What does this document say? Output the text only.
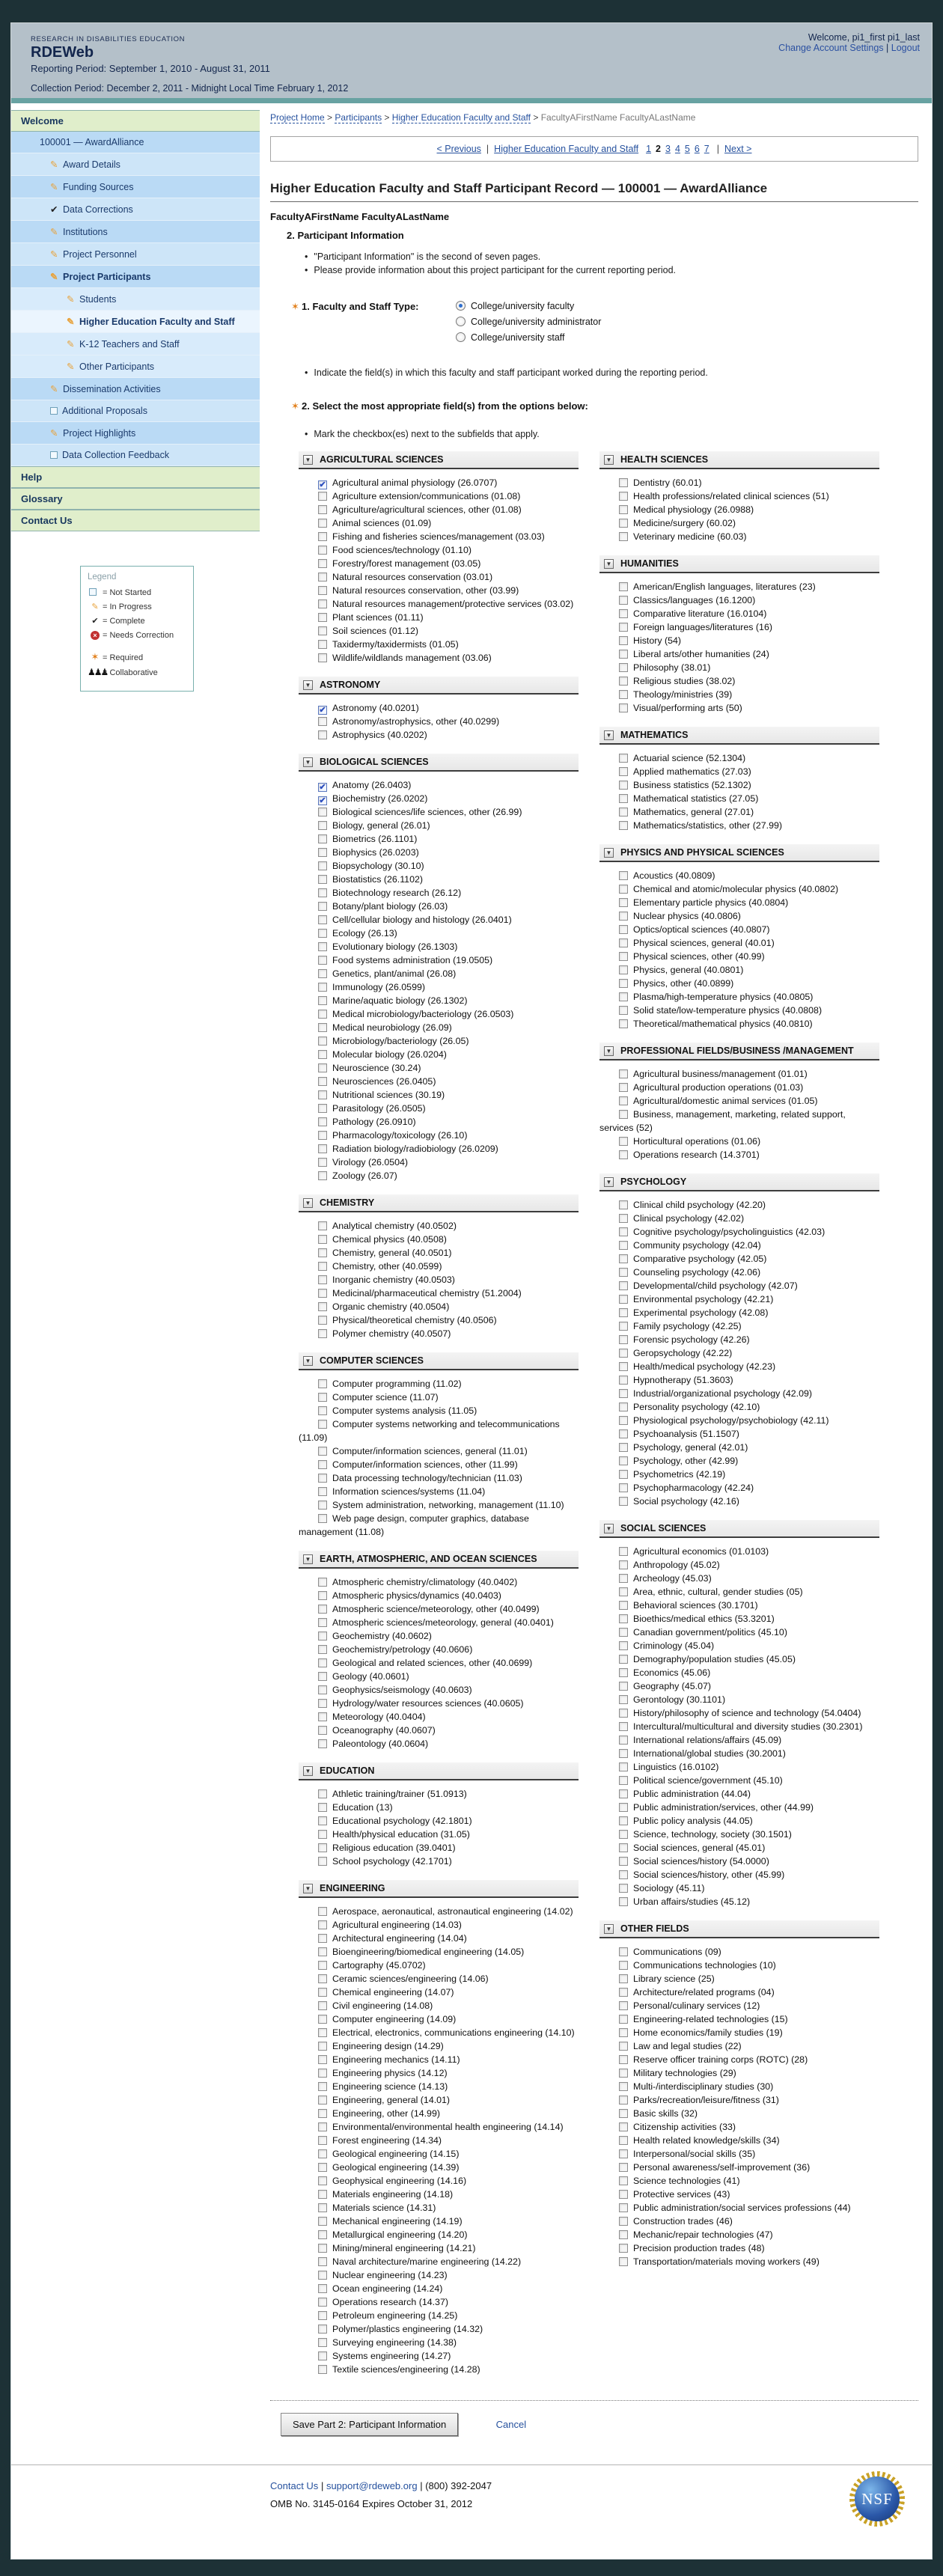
RESEARCH IN DISABILITIES EDUCATION
RDEWeb
Reporting Period: September 1, 2010 - August 31, 2011
Collection Period: December 2, 2011 - Midnight Local Time February 1, 2012
Welcome, pi1_first pi1_last
Change Account Settings | Logout
Welcome
100001 — AwardAlliance
✎ Award Details
✎ Funding Sources
✔ Data Corrections
✎ Institutions
✎ Project Personnel
✎ Project Participants
✎ Students
✎ Higher Education Faculty and Staff
✎ K-12 Teachers and Staff
✎ Other Participants
✎ Dissemination Activities
Additional Proposals
✎ Project Highlights
Data Collection Feedback
Help
Glossary
Contact Us
Legend
= Not Started
✎ = In Progress
✔ = Complete
× = Needs Correction
✶ = Required
♟♟♟= Collaborative
Project Home > Participants > Higher Education Faculty and Staff > FacultyAFirstName FacultyALastName
< Previous | Higher Education Faculty and Staff 1 2 3 4 5 6 7 | Next >
Higher Education Faculty and Staff Participant Record — 100001 — AwardAlliance
FacultyAFirstName FacultyALastName
2. Participant Information
• "Participant Information" is the second of seven pages.
• Please provide information about this project participant for the current reporting period.
✶ 1. Faculty and Staff Type:	College/university faculty
College/university administrator
College/university staff
• Indicate the field(s) in which this faculty and staff participant worked during the reporting period.
✶ 2. Select the most appropriate field(s) from the options below:
• Mark the checkbox(es) next to the subfields that apply.
▼ AGRICULTURAL SCIENCES
✔ Agricultural animal physiology (26.0707)
Agriculture extension/communications (01.08)
Agriculture/agricultural sciences, other (01.08)
Animal sciences (01.09)
Fishing and fisheries sciences/management (03.03)
Food sciences/technology (01.10)
Forestry/forest management (03.05)
Natural resources conservation (03.01)
Natural resources conservation, other (03.99)
Natural resources management/protective services (03.02)
Plant sciences (01.11)
Soil sciences (01.12)
Taxidermy/taxidermists (01.05)
Wildlife/wildlands management (03.06)
▼ ASTRONOMY
✔ Astronomy (40.0201)
Astronomy/astrophysics, other (40.0299)
Astrophysics (40.0202)
▼ BIOLOGICAL SCIENCES
✔ Anatomy (26.0403)
✔ Biochemistry (26.0202)
Biological sciences/life sciences, other (26.99)
Biology, general (26.01)
Biometrics (26.1101)
Biophysics (26.0203)
Biopsychology (30.10)
Biostatistics (26.1102)
Biotechnology research (26.12)
Botany/plant biology (26.03)
Cell/cellular biology and histology (26.0401)
Ecology (26.13)
Evolutionary biology (26.1303)
Food systems administration (19.0505)
Genetics, plant/animal (26.08)
Immunology (26.0599)
Marine/aquatic biology (26.1302)
Medical microbiology/bacteriology (26.0503)
Medical neurobiology (26.09)
Microbiology/bacteriology (26.05)
Molecular biology (26.0204)
Neuroscience (30.24)
Neurosciences (26.0405)
Nutritional sciences (30.19)
Parasitology (26.0505)
Pathology (26.0910)
Pharmacology/toxicology (26.10)
Radiation biology/radiobiology (26.0209)
Virology (26.0504)
Zoology (26.07)
▼ CHEMISTRY
Analytical chemistry (40.0502)
Chemical physics (40.0508)
Chemistry, general (40.0501)
Chemistry, other (40.0599)
Inorganic chemistry (40.0503)
Medicinal/pharmaceutical chemistry (51.2004)
Organic chemistry (40.0504)
Physical/theoretical chemistry (40.0506)
Polymer chemistry (40.0507)
▼ COMPUTER SCIENCES
Computer programming (11.02)
Computer science (11.07)
Computer systems analysis (11.05)
Computer systems networking and telecommunications (11.09)
Computer/information sciences, general (11.01)
Computer/information sciences, other (11.99)
Data processing technology/technician (11.03)
Information sciences/systems (11.04)
System administration, networking, management (11.10)
Web page design, computer graphics, database management (11.08)
▼ EARTH, ATMOSPHERIC, AND OCEAN SCIENCES
Atmospheric chemistry/climatology (40.0402)
Atmospheric physics/dynamics (40.0403)
Atmospheric science/meteorology, other (40.0499)
Atmospheric sciences/meteorology, general (40.0401)
Geochemistry (40.0602)
Geochemistry/petrology (40.0606)
Geological and related sciences, other (40.0699)
Geology (40.0601)
Geophysics/seismology (40.0603)
Hydrology/water resources sciences (40.0605)
Meteorology (40.0404)
Oceanography (40.0607)
Paleontology (40.0604)
▼ EDUCATION
Athletic training/trainer (51.0913)
Education (13)
Educational psychology (42.1801)
Health/physical education (31.05)
Religious education (39.0401)
School psychology (42.1701)
▼ ENGINEERING
Aerospace, aeronautical, astronautical engineering (14.02)
Agricultural engineering (14.03)
Architectural engineering (14.04)
Bioengineering/biomedical engineering (14.05)
Cartography (45.0702)
Ceramic sciences/engineering (14.06)
Chemical engineering (14.07)
Civil engineering (14.08)
Computer engineering (14.09)
Electrical, electronics, communications engineering (14.10)
Engineering design (14.29)
Engineering mechanics (14.11)
Engineering physics (14.12)
Engineering science (14.13)
Engineering, general (14.01)
Engineering, other (14.99)
Environmental/environmental health engineering (14.14)
Forest engineering (14.34)
Geological engineering (14.15)
Geological engineering (14.39)
Geophysical engineering (14.16)
Materials engineering (14.18)
Materials science (14.31)
Mechanical engineering (14.19)
Metallurgical engineering (14.20)
Mining/mineral engineering (14.21)
Naval architecture/marine engineering (14.22)
Nuclear engineering (14.23)
Ocean engineering (14.24)
Operations research (14.37)
Petroleum engineering (14.25)
Polymer/plastics engineering (14.32)
Surveying engineering (14.38)
Systems engineering (14.27)
Textile sciences/engineering (14.28)
▼ HEALTH SCIENCES
Dentistry (60.01)
Health professions/related clinical sciences (51)
Medical physiology (26.0988)
Medicine/surgery (60.02)
Veterinary medicine (60.03)
▼ HUMANITIES
American/English languages, literatures (23)
Classics/languages (16.1200)
Comparative literature (16.0104)
Foreign languages/literatures (16)
History (54)
Liberal arts/other humanities (24)
Philosophy (38.01)
Religious studies (38.02)
Theology/ministries (39)
Visual/performing arts (50)
▼ MATHEMATICS
Actuarial science (52.1304)
Applied mathematics (27.03)
Business statistics (52.1302)
Mathematical statistics (27.05)
Mathematics, general (27.01)
Mathematics/statistics, other (27.99)
▼ PHYSICS AND PHYSICAL SCIENCES
Acoustics (40.0809)
Chemical and atomic/molecular physics (40.0802)
Elementary particle physics (40.0804)
Nuclear physics (40.0806)
Optics/optical sciences (40.0807)
Physical sciences, general (40.01)
Physical sciences, other (40.99)
Physics, general (40.0801)
Physics, other (40.0899)
Plasma/high-temperature physics (40.0805)
Solid state/low-temperature physics (40.0808)
Theoretical/mathematical physics (40.0810)
▼ PROFESSIONAL FIELDS/BUSINESS /MANAGEMENT
Agricultural business/management (01.01)
Agricultural production operations (01.03)
Agricultural/domestic animal services (01.05)
Business, management, marketing, related support, services (52)
Horticultural operations (01.06)
Operations research (14.3701)
▼ PSYCHOLOGY
Clinical child psychology (42.20)
Clinical psychology (42.02)
Cognitive psychology/psycholinguistics (42.03)
Community psychology (42.04)
Comparative psychology (42.05)
Counseling psychology (42.06)
Developmental/child psychology (42.07)
Environmental psychology (42.21)
Experimental psychology (42.08)
Family psychology (42.25)
Forensic psychology (42.26)
Geropsychology (42.22)
Health/medical psychology (42.23)
Hypnotherapy (51.3603)
Industrial/organizational psychology (42.09)
Personality psychology (42.10)
Physiological psychology/psychobiology (42.11)
Psychoanalysis (51.1507)
Psychology, general (42.01)
Psychology, other (42.99)
Psychometrics (42.19)
Psychopharmacology (42.24)
Social psychology (42.16)
▼ SOCIAL SCIENCES
Agricultural economics (01.0103)
Anthropology (45.02)
Archeology (45.03)
Area, ethnic, cultural, gender studies (05)
Behavioral sciences (30.1701)
Bioethics/medical ethics (53.3201)
Canadian government/politics (45.10)
Criminology (45.04)
Demography/population studies (45.05)
Economics (45.06)
Geography (45.07)
Gerontology (30.1101)
History/philosophy of science and technology (54.0404)
Intercultural/multicultural and diversity studies (30.2301)
International relations/affairs (45.09)
International/global studies (30.2001)
Linguistics (16.0102)
Political science/government (45.10)
Public administration (44.04)
Public administration/services, other (44.99)
Public policy analysis (44.05)
Science, technology, society (30.1501)
Social sciences, general (45.01)
Social sciences/history (54.0000)
Social sciences/history, other (45.99)
Sociology (45.11)
Urban affairs/studies (45.12)
▼ OTHER FIELDS
Communications (09)
Communications technologies (10)
Library science (25)
Architecture/related programs (04)
Personal/culinary services (12)
Engineering-related technologies (15)
Home economics/family studies (19)
Law and legal studies (22)
Reserve officer training corps (ROTC) (28)
Military technologies (29)
Multi-/interdisciplinary studies (30)
Parks/recreation/leisure/fitness (31)
Basic skills (32)
Citizenship activities (33)
Health related knowledge/skills (34)
Interpersonal/social skills (35)
Personal awareness/self-improvement (36)
Science technologies (41)
Protective services (43)
Public administration/social services professions (44)
Construction trades (46)
Mechanic/repair technologies (47)
Precision production trades (48)
Transportation/materials moving workers (49)
Save Part 2: Participant Information	Cancel
Contact Us | support@rdeweb.org | (800) 392-2047
OMB No. 3145-0164 Expires October 31, 2012	NSF
